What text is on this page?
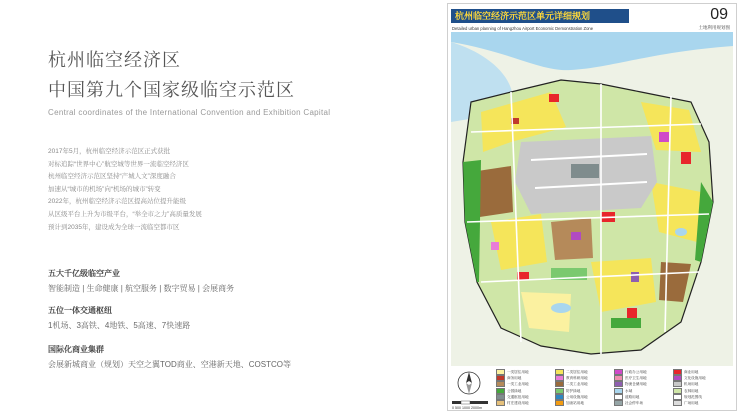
杭州临空经济区
中国第九个国家级临空示范区
Central coordinates of the International Convention and Exhibition Capital
2017年5月，杭州临空经济示范区正式获批
对标追踪“世界中心”航空城等世界一流临空经济区
杭州临空经济示范区坚持“产城人文”深度融合
加速从“城市的机场”向“机场的城市”转变
2022年，杭州临空经济示范区提高站位提升能级
从区级平台上升为市级平台，“举全市之力”高质量发展
预计到2035年，建设成为全球一流临空都市区
五大千亿级临空产业
智能制造 | 生命健康 | 航空服务 | 数字贸易 | 会展商务
五位一体交通枢纽
1机场、3高铁、4地铁、5高速、7快速路
国际化商业集群
会展新城商业（规划）天空之翼TOD商业、空港新天地、COSTCO等
杭州临空经济示范区单元详细规划
Detailed urban planning of Hangzhou Airport Economic Demonstration Zone
09
土地利用规划图
0 500 1000 2000m
一类居住用地	二类居住用地	行政办公用地	商业用地
商务用地	教育科研用地	医疗卫生用地	文化设施用地
一类工业用地	二类工业用地	物流仓储用地	机场用地
公园绿地	防护绿地	水域	农林用地
交通枢纽用地	公用设施用地	道路用地	规划范围线
村庄建设用地	加油站用地	社会停车场	广场用地
